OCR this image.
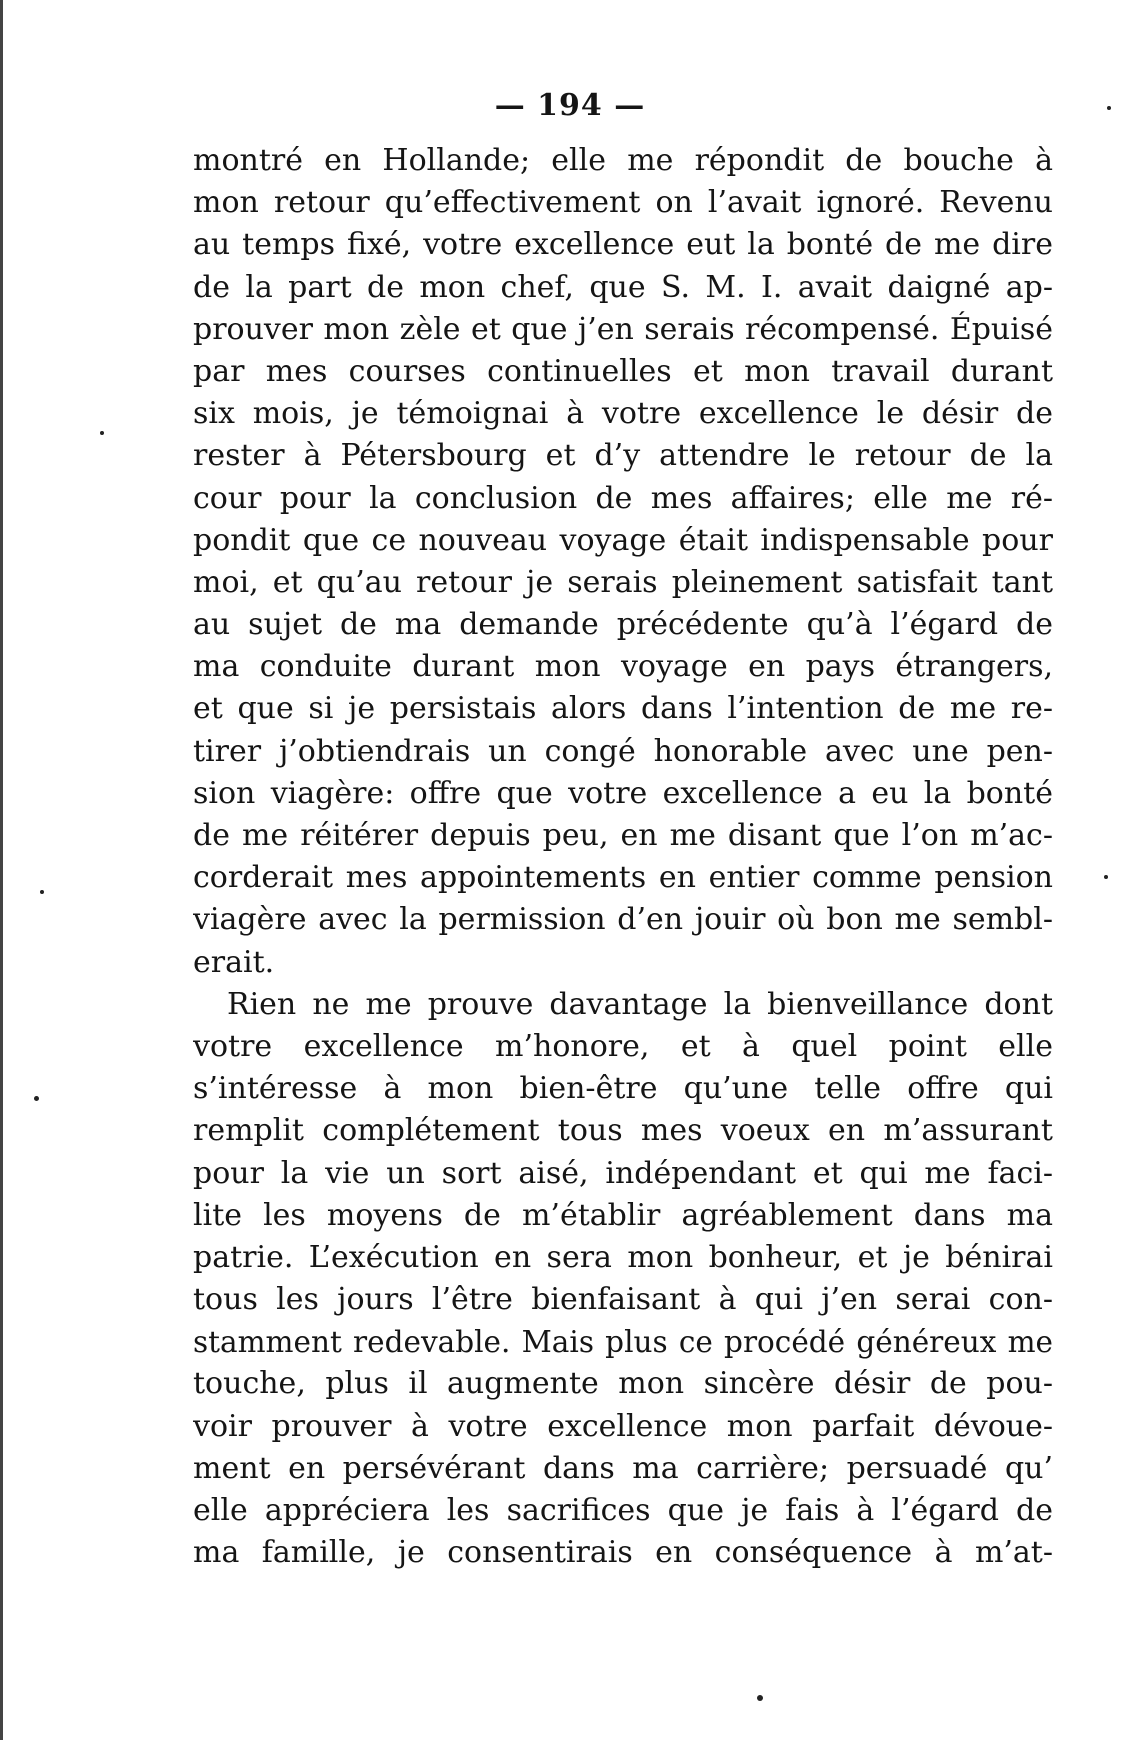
— 194 —
montré en Hollande; elle me répondit de bouche à
mon retour qu’effectivement on l’avait ignoré. Revenu
au temps fixé, votre excellence eut la bonté de me dire
de la part de mon chef, que S. M. I. avait daigné ap-
prouver mon zèle et que j’en serais récompensé. Épuisé
par mes courses continuelles et mon travail durant
six mois, je témoignai à votre excellence le désir de
rester à Pétersbourg et d’y attendre le retour de la
cour pour la conclusion de mes affaires; elle me ré-
pondit que ce nouveau voyage était indispensable pour
moi, et qu’au retour je serais pleinement satisfait tant
au sujet de ma demande précédente qu’à l’égard de
ma conduite durant mon voyage en pays étrangers,
et que si je persistais alors dans l’intention de me re-
tirer j’obtiendrais un congé honorable avec une pen-
sion viagère: offre que votre excellence a eu la bonté
de me réitérer depuis peu, en me disant que l’on m’ac-
corderait mes appointements en entier comme pension
viagère avec la permission d’en jouir où bon me sembl-
erait.
Rien ne me prouve davantage la bienveillance dont
votre excellence m’honore, et à quel point elle
s’intéresse à mon bien-être qu’une telle offre qui
remplit complétement tous mes voeux en m’assurant
pour la vie un sort aisé, indépendant et qui me faci-
lite les moyens de m’établir agréablement dans ma
patrie. L’exécution en sera mon bonheur, et je bénirai
tous les jours l’être bienfaisant à qui j’en serai con-
stamment redevable. Mais plus ce procédé généreux me
touche, plus il augmente mon sincère désir de pou-
voir prouver à votre excellence mon parfait dévoue-
ment en persévérant dans ma carrière; persuadé qu’
elle appréciera les sacrifices que je fais à l’égard de
ma famille, je consentirais en conséquence à m’at-
